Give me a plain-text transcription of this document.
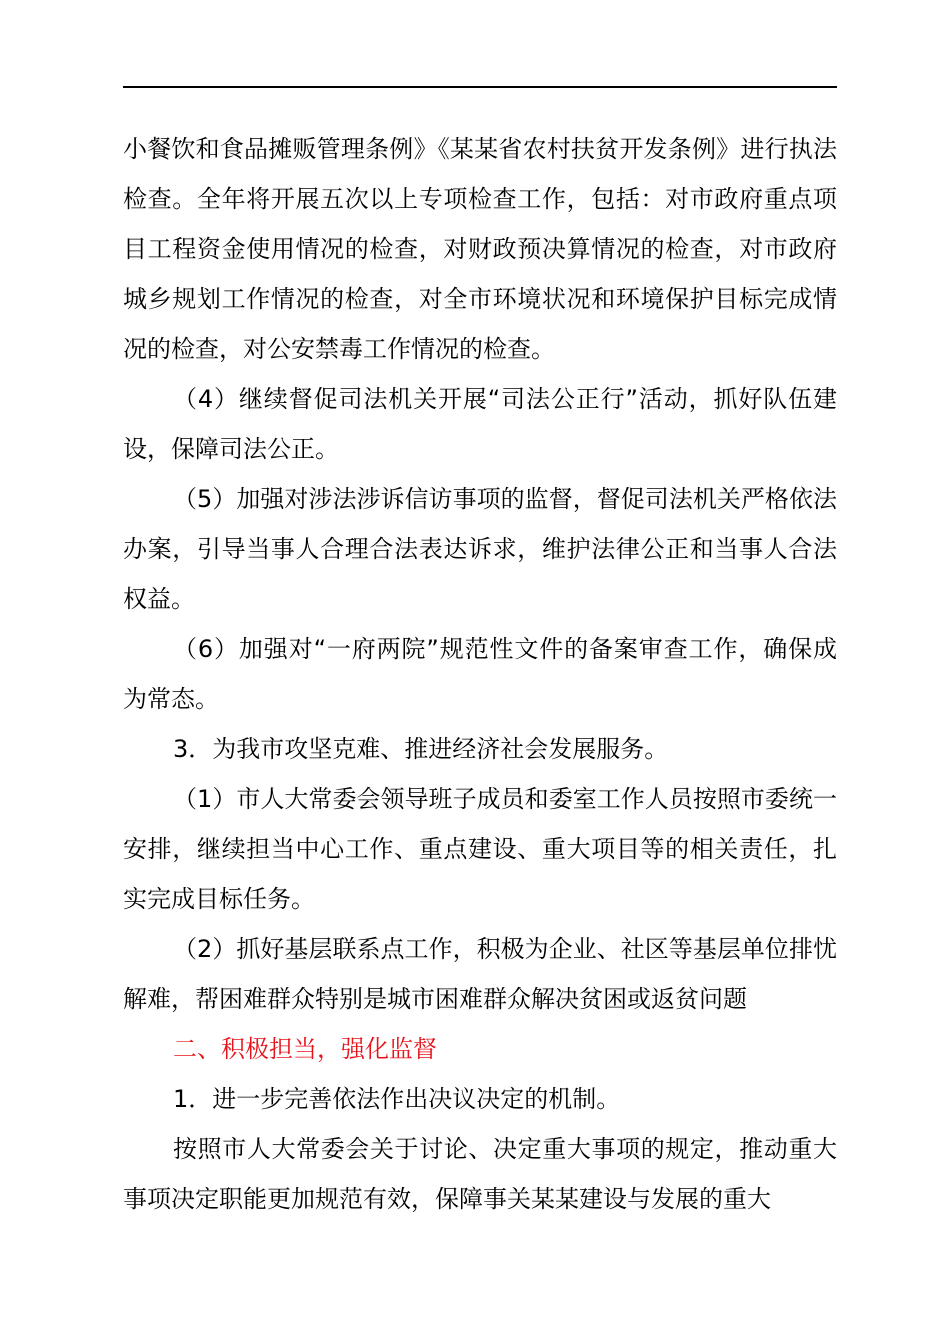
小餐饮和食品摊贩管理条例》《某某省农村扶贫开发条例》进行执法检查。全年将开展五次以上专项检查工作，包括：对市政府重点项目工程资金使用情况的检查，对财政预决算情况的检查，对市政府城乡规划工作情况的检查，对全市环境状况和环境保护目标完成情况的检查，对公安禁毒工作情况的检查。

（4）继续督促司法机关开展“司法公正行”活动，抓好队伍建设，保障司法公正。

（5）加强对涉法涉诉信访事项的监督，督促司法机关严格依法办案，引导当事人合理合法表达诉求，维护法律公正和当事人合法权益。

（6）加强对“一府两院”规范性文件的备案审查工作，确保成为常态。

3．为我市攻坚克难、推进经济社会发展服务。

（1）市人大常委会领导班子成员和委室工作人员按照市委统一安排，继续担当中心工作、重点建设、重大项目等的相关责任，扎实完成目标任务。

（2）抓好基层联系点工作，积极为企业、社区等基层单位排忧解难，帮困难群众特别是城市困难群众解决贫困或返贫问题

二、积极担当，强化监督

1．进一步完善依法作出决议决定的机制。

按照市人大常委会关于讨论、决定重大事项的规定，推动重大事项决定职能更加规范有效，保障事关某某建设与发展的重大
